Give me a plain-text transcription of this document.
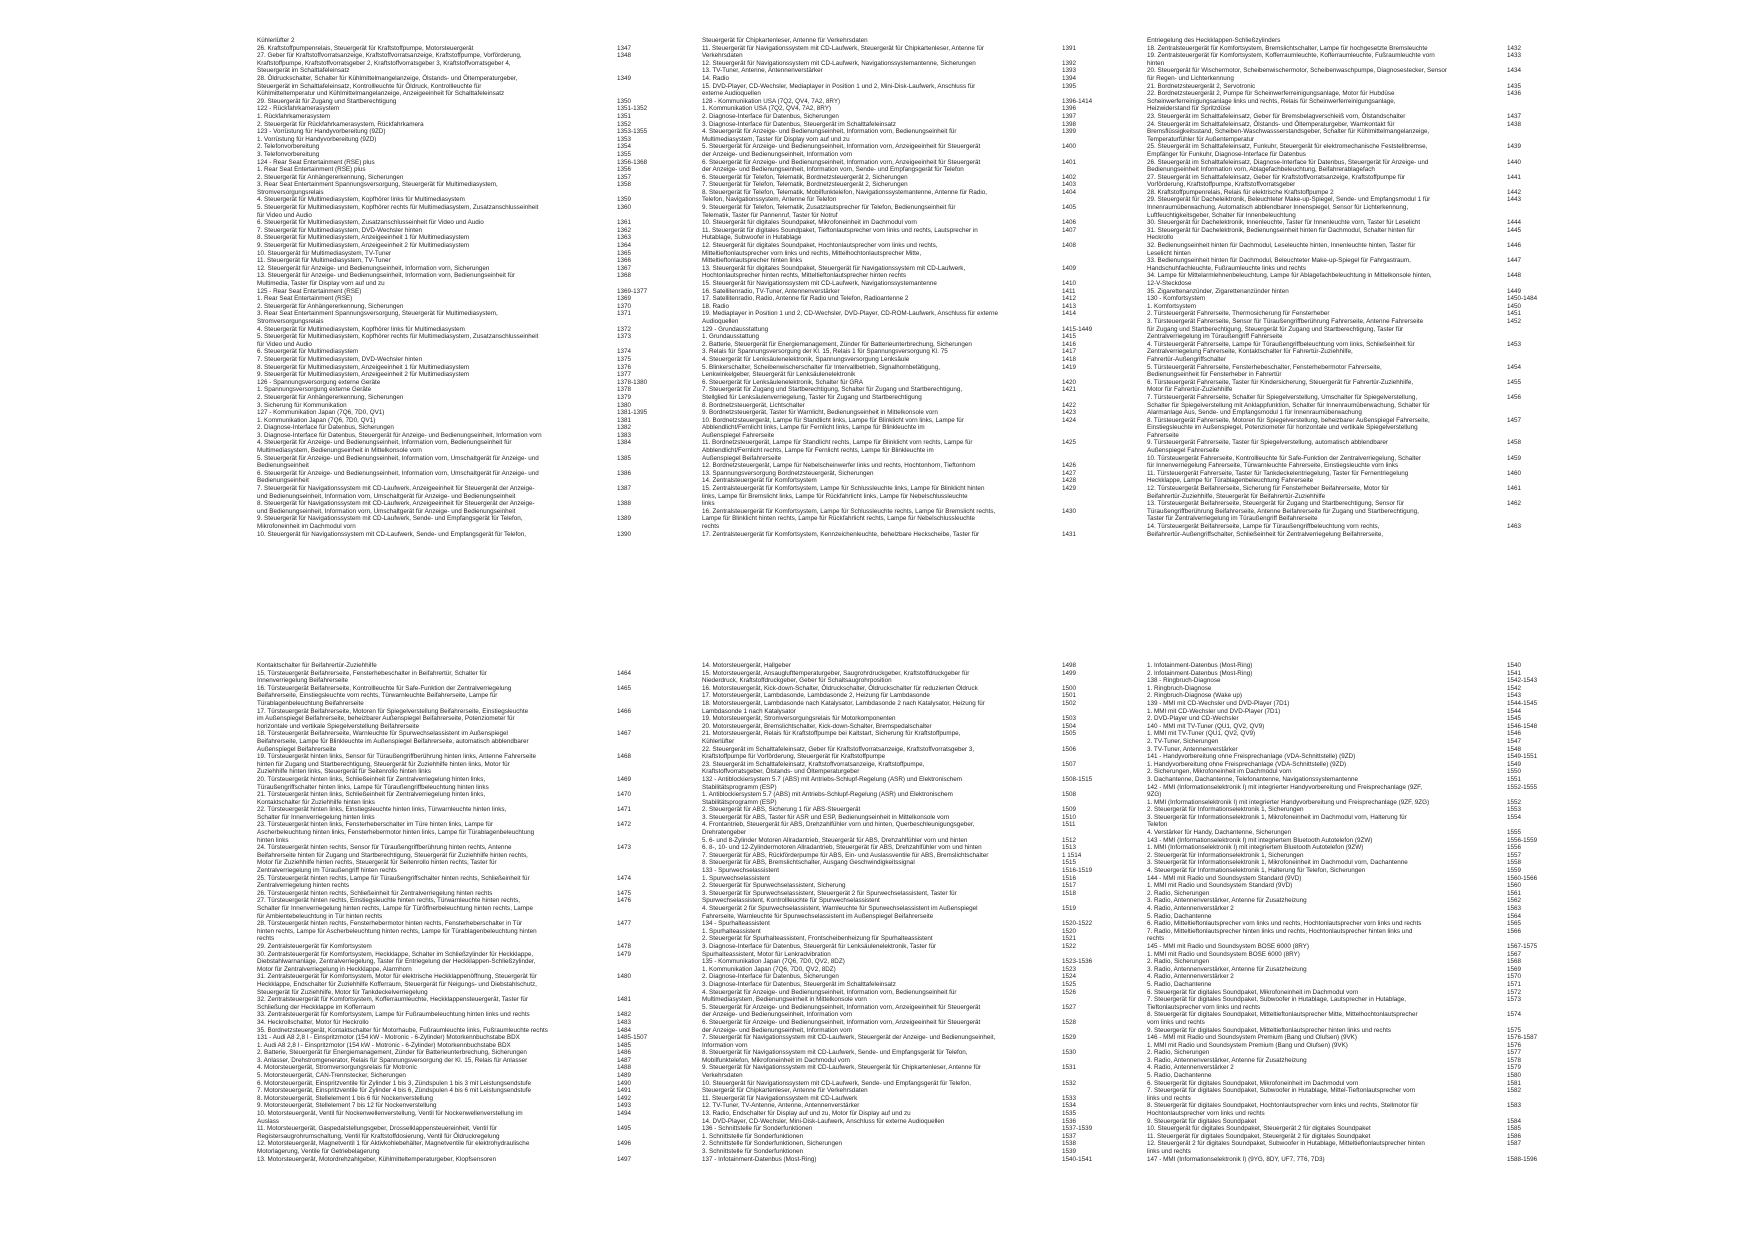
Kühlerlüfter 2
26. Kraftstoffpumpenrelais, Steuergerät für Kraftstoffpumpe, Motorsteuergerät	1347
27. Geber für Kraftstoffvorratsanzeige, Kraftstoffvorratsanzeige, Kraftstoffpumpe, Vorförderung,	1348
Kraftstoffpumpe, Kraftstoffvorratsgeber 2, Kraftstoffvorratsgeber 3, Kraftstoffvorratsgeber 4,
Steuergerät im Schalttafeleinsatz
28. Öldruckschalter, Schalter für Kühlmittelmangelanzeige, Ölstands- und Öltemperaturgeber,	1349
Steuergerät im Schalttafeleinsatz, Kontrollleuchte für Öldruck, Kontrollleuchte für
Kühlmitteltemperatur und Kühlmittelmangelanzeige, Anzeigeeinheit für Schalttafeleinsatz
29. Steuergerät für Zugang und Startberechtigung	1350
122 - Rückfahrkamerasystem	1351-1352
1. Rückfahrkamerasystem	1351
2. Steuergerät für Rückfahrkamerasystem, Rückfahrkamera	1352
123 - Vorrüstung für Handyvorbereitung (9ZD)	1353-1355
1. Vorrüstung für Handyvorbereitung (9ZD)	1353
2. Telefonvorbereitung	1354
3. Telefonvorbereitung	1355
124 - Rear Seat Entertainment (RSE) plus	1356-1368
1. Rear Seat Entertainment (RSE) plus	1356
2. Steuergerät für Anhängererkennung, Sicherungen	1357
3. Rear Seat Entertainment Spannungsversorgung, Steuergerät für Multimediasystem,	1358
Stromversorgungsrelais
4. Steuergerät für Multimediasystem, Kopfhörer links für Multimediasystem	1359
5. Steuergerät für Multimediasystem, Kopfhörer rechts für Multimediasystem, Zusatzanschlusseinheit	1360
für Video und Audio
6. Steuergerät für Multimediasystem, Zusatzanschlusseinheit für Video und Audio	1361
7. Steuergerät für Multimediasystem, DVD-Wechsler hinten	1362
8. Steuergerät für Multimediasystem, Anzeigeeinheit 1 für Multimediasystem	1363
9. Steuergerät für Multimediasystem, Anzeigeeinheit 2 für Multimediasystem	1364
10. Steuergerät für Multimediasystem, TV-Tuner	1365
11. Steuergerät für Multimediasystem, TV-Tuner	1366
12. Steuergerät für Anzeige- und Bedienungseinheit, Information vorn, Sicherungen	1367
13. Steuergerät für Anzeige- und Bedienungseinheit, Information vorn, Bedienungseinheit für	1368
Multimedia, Taster für Display vorn auf und zu
125 - Rear Seat Entertainment (RSE)	1369-1377
1. Rear Seat Entertainment (RSE)	1369
2. Steuergerät für Anhängererkennung, Sicherungen	1370
3. Rear Seat Entertainment Spannungsversorgung, Steuergerät für Multimediasystem,	1371
Stromversorgungsrelais
4. Steuergerät für Multimediasystem, Kopfhörer links für Multimediasystem	1372
5. Steuergerät für Multimediasystem, Kopfhörer rechts für Multimediasystem, Zusatzanschlusseinheit	1373
für Video und Audio
6. Steuergerät für Multimediasystem	1374
7. Steuergerät für Multimediasystem, DVD-Wechsler hinten	1375
8. Steuergerät für Multimediasystem, Anzeigeeinheit 1 für Multimediasystem	1376
9. Steuergerät für Multimediasystem, Anzeigeeinheit 2 für Multimediasystem	1377
126 - Spannungsversorgung externe Geräte	1378-1380
1. Spannungsversorgung externe Geräte	1378
2. Steuergerät für Anhängererkennung, Sicherungen	1379
3. Sicherung für Kommunikation	1380
127 - Kommunikation Japan (7Q6, 7D0, QV1)	1381-1395
1. Kommunikation Japan (7Q6, 7D0, QV1)	1381
2. Diagnose-Interface für Datenbus, Sicherungen	1382
3. Diagnose-Interface für Datenbus, Steuergerät für Anzeige- und Bedienungseinheit, Information vorn	1383
4. Steuergerät für Anzeige- und Bedienungseinheit, Information vorn, Bedienungseinheit für	1384
Multimediasystem, Bedienungseinheit in Mittelkonsole vorn
5. Steuergerät für Anzeige- und Bedienungseinheit, Information vorn, Umschaltgerät für Anzeige- und	1385
Bedienungseinheit
6. Steuergerät für Anzeige- und Bedienungseinheit, Information vorn, Umschaltgerät für Anzeige- und	1386
Bedienungseinheit
7. Steuergerät für Navigationssystem mit CD-Laufwerk, Anzeigeeinheit für Steuergerät der Anzeige-	1387
und Bedienungseinheit, Information vorn, Umschaltgerät für Anzeige- und Bedienungseinheit
8. Steuergerät für Navigationssystem mit CD-Laufwerk, Anzeigeeinheit für Steuergerät der Anzeige-	1388
und Bedienungseinheit, Information vorn, Umschaltgerät für Anzeige- und Bedienungseinheit
9. Steuergerät für Navigationssystem mit CD-Laufwerk, Sende- und Empfangsgerät für Telefon,	1389
Mikrofoneinheit im Dachmodul vorn
10. Steuergerät für Navigationssystem mit CD-Laufwerk, Sende- und Empfangsgerät für Telefon,	1390
Steuergerät für Chipkartenleser, Antenne für Verkehrsdaten
11. Steuergerät für Navigationssystem mit CD-Laufwerk, Steuergerät für Chipkartenleser, Antenne für	1391
Verkehrsdaten
12. Steuergerät für Navigationssystem mit CD-Laufwerk, Navigationssystemantenne, Sicherungen	1392
13. TV-Tuner, Antenne, Antennenverstärker	1393
14. Radio	1394
15. DVD-Player, CD-Wechsler, Mediaplayer in Position 1 und 2, Mini-Disk-Laufwerk, Anschluss für	1395
externe Audioquellen
128 - Kommunikation USA (7Q2, QV4, 7A2, 8RY)	1396-1414
1. Kommunikation USA (7Q2, QV4, 7A2, 8RY)	1396
2. Diagnose-Interface für Datenbus, Sicherungen	1397
3. Diagnose-Interface für Datenbus, Steuergerät im Schalttafeleinsatz	1398
4. Steuergerät für Anzeige- und Bedienungseinheit, Information vorn, Bedienungseinheit für	1399
Multimediasystem, Taster für Display vorn auf und zu
5. Steuergerät für Anzeige- und Bedienungseinheit, Information vorn, Anzeigeeinheit für Steuergerät	1400
der Anzeige- und Bedienungseinheit, Information vorn
6. Steuergerät für Anzeige- und Bedienungseinheit, Information vorn, Anzeigeeinheit für Steuergerät	1401
der Anzeige- und Bedienungseinheit, Information vorn, Sende- und Empfangsgerät für Telefon
6. Steuergerät für Telefon, Telematik, Bordnetzsteuergerät 2, Sicherungen	1402
7. Steuergerät für Telefon, Telematik, Bordnetzsteuergerät 2, Sicherungen	1403
8. Steuergerät für Telefon, Telematik, Mobilfunktelefon, Navigationssystemantenne, Antenne für Radio,	1404
Telefon, Navigationssystem, Antenne für Telefon
9. Steuergerät für Telefon, Telematik, Zusatzlautsprecher für Telefon, Bedienungseinheit für	1405
Telematik, Taster für Pannenruf, Taster für Notruf
10. Steuergerät für digitales Soundpaket, Mikrofoneinheit im Dachmodul vorn	1406
11. Steuergerät für digitales Soundpaket, Tieftonlautsprecher vorn links und rechts, Lautsprecher in	1407
Hutablage, Subwoofer in Hutablage
12. Steuergerät für digitales Soundpaket, Hochtonlautsprecher vorn links und rechts,	1408
Mitteltieftonlautsprecher vorn links und rechts, Mittelhochtonlautsprecher Mitte,
Mitteltieftonlautsprecher hinten links
13. Steuergerät für digitales Soundpaket, Steuergerät für Navigationssystem mit CD-Laufwerk,	1409
Hochtonlautsprecher hinten rechts, Mitteltieftonlautsprecher hinten rechts
15. Steuergerät für Navigationssystem mit CD-Laufwerk, Navigationssystemantenne	1410
16. Satellitenradio, TV-Tuner, Antennenverstärker	1411
17. Satellitenradio, Radio, Antenne für Radio und Telefon, Radioantenne 2	1412
18. Radio	1413
19. Mediaplayer in Position 1 und 2, CD-Wechsler, DVD-Player, CD-ROM-Laufwerk, Anschluss für externe	1414
Audioquellen
129 - Grundausstattung	1415-1449
1. Grundausstattung	1415
2. Batterie, Steuergerät für Energiemanagement, Zünder für Batterieunterbrechung, Sicherungen	1416
3. Relais für Spannungsversorgung der Kl. 15, Relais 1 für Spannungsversorgung Kl. 75	1417
4. Steuergerät für Lenksäulenelektronik, Spannungsversorgung Lenksäule	1418
5. Blinkerschalter, Scheibenwischerschalter für Intervallbetrieb, Signalhornbetätigung,	1419
Lenkwinkelgeber, Steuergerät für Lenksäulenelektronik
6. Steuergerät für Lenksäulenelektronik, Schalter für GRA	1420
7. Steuergerät für Zugang und Startberechtigung, Schalter für Zugang und Startberechtigung,	1421
Stellglied für Lenksäulenverriegelung, Taster für Zugang und Startberechtigung
8. Bordnetzsteuergerät, Lichtschalter	1422
9. Bordnetzsteuergerät, Taster für Warnlicht, Bedienungseinheit in Mittelkonsole vorn	1423
10. Bordnetzsteuergerät, Lampe für Standlicht links, Lampe für Blinklicht vorn links, Lampe für	1424
Abblendlicht/Fernlicht links, Lampe für Fernlicht links, Lampe für Blinkleuchte im
Außenspiegel Fahrerseite
11. Bordnetzsteuergerät, Lampe für Standlicht rechts, Lampe für Blinklicht vorn rechts, Lampe für	1425
Abblendlicht/Fernlicht rechts, Lampe für Fernlicht rechts, Lampe für Blinkleuchte im
Außenspiegel Beifahrerseite
12. Bordnetzsteuergerät, Lampe für Nebelscheinwerfer links und rechts, Hochtonhorn, Tieftonhorn	1426
13. Spannungsversorgung Bordnetzsteuergerät, Sicherungen	1427
14. Zentralsteuergerät für Komfortsystem	1428
15. Zentralsteuergerät für Komfortsystem, Lampe für Schlussleuchte links, Lampe für Blinklicht hinten	1429
links, Lampe für Bremslicht links, Lampe für Rückfahrlicht links, Lampe für Nebelschlussleuchte
links
16. Zentralsteuergerät für Komfortsystem, Lampe für Schlussleuchte rechts, Lampe für Bremslicht rechts,	1430
Lampe für Blinklicht hinten rechts, Lampe für Rückfahrlicht rechts, Lampe für Nebelschlussleuchte
rechts
17. Zentralsteuergerät für Komfortsystem, Kennzeichenleuchte, behelzbare Heckscheibe, Taster für	1431
Entriegelung des Heckklappen-Schließzylinders
18. Zentralsteuergerät für Komfortsystem, Bremslichtschalter, Lampe für hochgesetzte Bremsleuchte	1432
19. Zentralsteuergerät für Komfortsystem, Kofferraumleuchte, Kofferraumleuchte, Fußraumleuchte vorn	1433
hinten
20. Steuergerät für Wischermotor, Scheibenwischermotor, Scheibenwaschpumpe, Diagnosestecker, Sensor	1434
für Regen- und Lichterkennung
21. Bordnetzsteuergerät 2, Servotronic	1435
22. Bordnetzsteuergerät 2, Pumpe für Scheinwerferreinigungsanlage, Motor für Hubdüse	1436
Scheinwerferreinigungsanlage links und rechts, Relais für Scheinwerferreinigungsanlage,
Heizwiderstand für Spritzdüse
23. Steuergerät im Schalttafeleinsatz, Geber für Bremsbelagverschleiß vorn, Ölstandschalter	1437
24. Steuergerät im Schalttafeleinsatz, Ölstands- und Öltemperaturgeber, Warnkontakt für	1438
Bremsflüssigkeitsstand, Scheiben-Waschwassserstandsgeber, Schalter für Kühlmittelmangelanzeige,
Temperaturfühler für Außentemperatur
25. Steuergerät im Schalttafeleinsatz, Funkuhr, Steuergerät für elektromechanische Feststellbremse,	1439
Empfänger für Funkuhr, Diagnose-Interface für Datenbus
26. Steuergerät im Schalttafeleinsatz, Diagnose-Interface für Datenbus, Steuergerät für Anzeige- und	1440
Bedienungseinheit Information vorn, Ablagefachbeleuchtung, Beifahrerablagefach
27. Steuergerät im Schalttafeleinsatz, Geber für Kraftstoffvorratsanzeige, Kraftstoffpumpe für	1441
Vorförderung, Kraftstoffpumpe, Kraftstoffvorratsgeber
28. Kraftstoffpumpenrelais, Relais für elektrische Kraftstoffpumpe 2	1442
29. Steuergerät für Dacheleiktronik, Beleuchteter Make-up-Spiegel, Sende- und Empfangsmodul 1 für	1443
Innenraumüberwachung, Automatisch abblendbarer Innenspiegel, Sensor für Lichterkennung,
Luftfeuchtigkeitsgeber, Schalter für Innenbeleuchtung
30. Steuergerät für Dachelektronik, Innenleuchte, Taster für Innenleuchte vorn, Taster für Leselicht	1444
31. Steuergerät für Dachelektronik, Bedienungseinheit hinten für Dachmodul, Schalter hinten für	1445
Heckrollo
32. Bedienungseinheit hinten für Dachmodul, Leseleuchte hinten, Innenleuchte hinten, Taster für	1446
Leselicht hinten
33. Bedienungseinheit hinten für Dachmodul, Beleuchteter Make-up-Spiegel für Fahrgastraum,	1447
Handschuhfachleuchte, Fußraumleuchte links und rechts
34. Lampe für Mittelarmlehnenbeleuchtung, Lampe für Ablagefachbeleuchtung in Mittelkonsole hinten,	1448
12-V-Steckdose
35. Zigarettenanzünder, Zigarettenanzünder hinten	1449
130 - Komfortsystem	1450-1484
1. Komfortsystem	1450
2. Türsteuergerät Fahrerseite, Thermosicherung für Fensterheber	1451
3. Türsteuergerät Fahrerseite, Sensor für Türaußengriffberührung Fahrerseite, Antenne Fahrerseite	1452
für Zugang und Startberechtigung, Steuergerät für Zugang und Startberechtigung, Taster für
Zentralverriegelung im Türaußengriff Fahrerseite
4. Türsteuergerät Fahrerseite, Lampe für Türaußengriffbeleuchtung vorn links, Schließeinheit für	1453
Zentralverriegelung Fahrerseite, Kontaktschalter für Fahrertür-Zuziehhilfe,
Fahrertür-Außengriffschalter
5. Türsteuergerät Fahrerseite, Fensterhebeschalter, Fensterhebermotor Fahrerseite,	1454
Bedienungseinheit für Fensterheber in Fahrertür
6. Türsteuergerät Fahrerseite, Taster für Kindersicherung, Steuergerät für Fahrertür-Zuziehhilfe,	1455
Motor für Fahrertür-Zuziehhilfe
7. Türsteuergerät Fahrerseite, Schalter für Spiegelverstellung, Umschalter für Spiegelverstellung,	1456
Schalter für Spiegelverstellung mit Anklappfunktion, Schalter für Innenraumüberwachung, Schalter für
Alarmanlage Aus, Sende- und Empfangsmodul 1 für Innenraumüberwachung
8. Türsteuergerät Fahrerseite, Motoren für Spiegelverstellung, beheizbarer Außenspiegel Fahrerseite,	1457
Einstiegsleuchte im Außenspiegel, Potenziometer für horizontale und vertikale Spiegelverstellung
Fahrerseite
9. Türsteuergerät Fahrerseite, Taster für Spiegelverstellung, automatisch abblendbarer	1458
Außenspiegel Fahrerseite
10. Türsteuergerät Fahrerseite, Kontrollleuchte für Safe-Funktion der Zentralverriegelung, Schalter	1459
für Innenverriegelung Fahrerseite, Türwarnleuchte Fahrerseite, Einstiegsleuchte vorn links
11. Türsteuergerät Fahrerseite, Taster für Tankdeckelentriegelung, Taster für Fernentriegelung	1460
Heckklappe, Lampe für Türablagenbeleuchtung Fahrerseite
12. Türsteuergerät Beifahrerseite, Sicherung für Fensterheber Beifahrerseite, Motor für	1461
Beifahrertür-Zuziehhilfe, Steuergerät für Beifahrertür-Zuziehhilfe
13. Türsteuergerät Beifahrerseite, Steuergerät für Zugang und Startberechtigung, Sensor für	1462
Türaußengriffberührung Beifahrerseite, Antenne Beifahrerseite für Zugang und Startberechtigung,
Taster für Zentralverriegelung im Türaußengriff Beifahrerseite
14. Türsteuergerät Beifahrerseite, Lampe für Türaußengriffbeleuchtung vorn rechts,	1463
Beifahrertür-Außengriffschalter, Schließeinheit für Zentralverriegelung Beifahrerseite,
Kontaktschalter für Beifahrertür-Zuziehhilfe
15. Türsteuergerät Beifahrerseite, Fensterhebeschalter in Beifahrertür, Schalter für	1464
Innenverriegelung Beifahrerseite
16. Türsteuergerät Beifahrerseite, Kontrollleuchte für Safe-Funktion der Zentralverriegelung	1465
Beifahrerseite, Einstiegsleuchte vorn rechts, Türwarnleuchte Beifahrerseite, Lampe für
Türablagenbeleuchtung Beifahrerseite
17. Türsteuergerät Beifahrerseite, Motoren für Spiegelverstellung Beifahrerseite, Einstiegsleuchte	1466
im Außenspiegel Beifahrerseite, beheizbarer Außenspiegel Beifahrerseite, Potenziometer für
horizontale und vertikale Spiegelverstellung Beifahrerseite
18. Türsteuergerät Beifahrerseite, Warnleuchte für Spurwechselassistent im Außenspiegel	1467
Beifahrerseite, Lampe für Blinkleuchte im Außenspiegel Beifahrerseite, automatisch abblendbarer
Außenspiegel Beifahrerseite
19. Türsteuergerät hinten links, Sensor für Türaußengriffberührung hinten links, Antenne Fahrerseite	1468
hinten für Zugang und Startberechtigung, Steuergerät für Zuziehhilfe hinten links, Motor für
Zuziehhilfe hinten links, Steuergerät für Seitenrollo hinten links
20. Türsteuergerät hinten links, Schließeinheit für Zentralverriegelung hinten links,	1469
Türaußengriffschalter hinten links, Lampe für Türaußengriffbeleuchtung hinten links
21. Türsteuergerät hinten links, Schließeinheit für Zentralverriegelung hinten links,	1470
Kontaktschalter für Zuziehhilfe hinten links
22. Türsteuergerät hinten links, Einstiegsleuchte hinten links, Türwarnleuchte hinten links,	1471
Schalter für Innenverriegelung hinten links
23. Türsteuergerät hinten links, Fensterheberschalter im Türe hinten links, Lampe für	1472
Ascherbeleuchtung hinten links, Fensterhebermotor hinten links, Lampe für Türablagenbeleuchtung
hinten links
24. Türsteuergerät hinten rechts, Sensor für Türaußengriffberührung hinten rechts, Antenne	1473
Beifahrerseite hinten für Zugang und Startberechtigung, Steuergerät für Zuziehhilfe hinten rechts,
Motor für Zuziehhilfe hinten rechts, Steuergerät für Seitenrollo hinten rechts, Taster für
Zentralverriegelung im Türaußengriff hinten rechts
25. Türsteuergerät hinten rechts, Lampe für Türaußengriffschalter hinten rechts, Schließeinheit für	1474
Zentralverriegelung hinten rechts
26. Türsteuergerät hinten rechts, Schließeinheit für Zentralverriegelung hinten rechts	1475
27. Türsteuergerät hinten rechts, Einstiegsleuchte hinten rechts, Türwarnleuchte hinten rechts,	1476
Schalter für Innenverriegelung hinten rechts, Lampe für Türöffnerbeleuchtung hinten rechts, Lampe
für Ambientebeleuchtung in Tür hinten rechts
28. Türsteuergerät hinten rechts, Fensterhebermotor hinten rechts, Fensterheberschalter in Tür	1477
hinten rechts, Lampe für Ascherbeleuchtung hinten rechts, Lampe für Türablagenbeleuchtung hinten
rechts
29. Zentralsteuergerät für Komfortsystem	1478
30. Zentralsteuergerät für Komfortsystem, Heckklappe, Schalter im Schließzylinder für Heckklappe,	1479
Diebstahlwarnanlage, Zentralverriegelung, Taster für Entriegelung der Heckklappen-Schließzylinder,
Motor für Zentralverriegelung in Heckklappe, Alarmhorn
31. Zentralsteuergerät für Komfortsystem, Motor für elektrische Heckklappenöffnung, Steuergerät für	1480
Heckklappe, Endschalter für Zuziehhilfe Kofferraum, Steuergerät für Neigungs- und Diebstahlschutz,
Steuergerät für Zuziehhilfe, Motor für Tankdeckelverriegelung
32. Zentralsteuergerät für Komfortsystem, Kofferraumleuchte, Heckklappensteuergerät, Taster für	1481
Schließung der Heckklappe im Kofferraum
33. Zentralsteuergerät für Komfortsystem, Lampe für Fußraumbeleuchtung hinten links und rechts	1482
34. Heckrollschalter, Motor für Heckrollo	1483
35. Bordnetzsteuergerät, Kontaktschalter für Motorhaube, Fußraumleuchte links, Fußraumleuchte rechts	1484
131 - Audi A8 2,8 l - Einspritzmotor (154 kW - Motronic - 6-Zylinder) Motorkennbuchstabe BDX	1485-1507
1. Audi A8 2,8 l - Einspritzmotor (154 kW - Motronic - 6-Zylinder) Motorkennbuchstabe BDX	1485
2. Batterie, Steuergerät für Energiemanagement, Zünder für Batterieunterbrechung, Sicherungen	1486
3. Anlasser, Drehstromgenerator, Relais für Spannungsversorgung der Kl. 15, Relais für Anlasser	1487
4. Motorsteuergerät, Stromversorgungsrelais für Motronic	1488
5. Motorsteuergerät, CAN-Trennstecker, Sicherungen	1489
6. Motorsteuergerät, Einspritzventile für Zylinder 1 bis 3, Zündspulen 1 bis 3 mit Leistungsendstufe	1490
7. Motorsteuergerät, Einspritzventile für Zylinder 4 bis 6, Zündspulen 4 bis 6 mit Leistungsendstufe	1491
8. Motorsteuergerät, Stellelement 1 bis 6 für Nockenverstellung	1492
9. Motorsteuergerät, Stellelement 7 bis 12 für Nockenverstellung	1493
10. Motorsteuergerät, Ventil für Nockenwellenverstellung, Ventil für Nockenwellenverstellung im	1494
Auslass
11. Motorsteuergerät, Gaspedalstellungsgeber, Drosselklappensteuereinheit, Ventil für	1495
Registersaugrohrumschaltung, Ventil für Kraftstoffdosierung, Ventil für Öldruckregelung
12. Motorsteuergerät, Magnetventil 1 für Aktivkohlebehälter, Magnetventile für elektrohydraulische	1496
Motorlagerung, Ventile für Getriebelagerung
13. Motorsteuergerät, Motordrehzahlgeber, Kühlmitteltemperaturgeber, Klopfsensoren	1497
14. Motorsteuergerät, Hallgeber	1498
15. Motorsteuergerät, Ansauglufttemperaturgeber, Saugrohrdruckgeber, Kraftstoffdruckgeber für	1499
Niederdruck, Kraftstoffdruckgeber, Geber für Schaltsaugrohrposition
16. Motorsteuergerät, Kick-down-Schalter, Öldruckschalter, Öldruckschalter für reduzierten Öldruck	1500
17. Motorsteuergerät, Lambdasonde, Lambdasonde 2, Heizung für Lambdasonde	1501
18. Motorsteuergerät, Lambdasonde nach Katalysator, Lambdasonde 2 nach Katalysator, Heizung für	1502
Lambdasonde 1 nach Katalysator
19. Motorsteuergerät, Stromversorgungsrelais für Motorkomponenten	1503
20. Motorsteuergerät, Bremslichtschalter, Kick-down-Schalter, Bremspedalschalter	1504
21. Motorsteuergerät, Relais für Kraftstoffpumpe bei Kaltstart, Sicherung für Kraftstoffpumpe,	1505
Kühlerlüfter
22. Steuergerät im Schalttafeleinsatz, Geber für Kraftstoffvorratsanzeige, Kraftstoffvorratsgeber 3,	1506
Kraftstoffpumpe für Vorförderung, Steuergerät für Kraftstoffpumpe
23. Steuergerät im Schalttafeleinsatz, Kraftstoffvorratsanzeige, Kraftstoffpumpe,	1507
Kraftstoffvorratsgeber, Ölstands- und Öltemperaturgeber
132 - Antiblockiersystem 5.7 (ABS) mit Antriebs-Schlupf-Regelung (ASR) und Elektronischem	1508-1515
Stabilitätsprogramm (ESP)
1. Antiblockiersystem 5.7 (ABS) mit Antriebs-Schlupf-Regelung (ASR) und Elektronischem	1508
Stabilitätsprogramm (ESP)
2. Steuergerät für ABS, Sicherung 1 für ABS-Steuergerät	1509
3. Steuergerät für ABS, Taster für ASR und ESP, Bedienungseinheit in Mittelkonsole vorn	1510
4. Frontantrieb, Steuergerät für ABS, Drehzahlfühler vorn und hinten, Querbeschleunigungsgeber,	1511
Drehratengeber
5. 6- und 8-Zylinder Motoren Allradantrieb, Steuergerät für ABS, Drehzahlfühler vorn und hinten	1512
6. 8-, 10- und 12-Zylindermotoren Allradantrieb, Steuergerät für ABS, Drehzahlfühler vorn und hinten	1513
7. Steuergerät für ABS, Rückförderpumpe für ABS, Ein- und Auslassventile für ABS, Bremslichtschalter	1 1514
8. Steuergerät für ABS, Bremslichtschalter, Ausgang Geschwindigkeitssignal	1515
133 - Spurwechselassistent	1516-1519
1. Spurwechselassistent	1516
2. Steuergerät für Spurwechselassistent, Sicherung	1517
3. Steuergerät für Spurwechselassistent, Steuergerät 2 für Spurwechselassistent, Taster für	1518
Spurwechselassistent, Kontrollleuchte für Spurwechselassistent
4. Steuergerät 2 für Spurwechselassistent, Warnleuchte für Spurwechselassistent im Außenspiegel	1519
Fahrerseite, Warnleuchte für Spurwechselassistent im Außenspiegel Beifahrerseite
134 - Spurhalteassistent	1520-1522
1. Spurhalteassistent	1520
2. Steuergerät für Spurhalteassistent, Frontscheibenheizung für Spurhalteassistent	1521
3. Diagnose-Interface für Datenbus, Steuergerät für Lenksäulenelektronik, Taster für	1522
Spurhalteassistent, Motor für Lenkradvibration
135 - Kommunikation Japan (7Q6, 7D0, QV2, 8DZ)	1523-1536
1. Kommunikation Japan (7Q6, 7D0, QV2, 8DZ)	1523
2. Diagnose-Interface für Datenbus, Sicherungen	1524
3. Diagnose-Interface für Datenbus, Steuergerät im Schalttafeleinsatz	1525
4. Steuergerät für Anzeige- und Bedienungseinheit, Information vorn, Bedienungseinheit für	1526
Multimediasystem, Bedienungseinheit in Mittelkonsole vorn
5. Steuergerät für Anzeige- und Bedienungseinheit, Information vorn, Anzeigeeinheit für Steuergerät	1527
der Anzeige- und Bedienungseinheit, Information vorn
6. Steuergerät für Anzeige- und Bedienungseinheit, Information vorn, Anzeigeeinheit für Steuergerät	1528
der Anzeige- und Bedienungseinheit, Information vorn
7. Steuergerät für Navigationssystem mit CD-Laufwerk, Steuergerät der Anzeige- und Bedienungseinheit,	1529
Information vorn
8. Steuergerät für Navigationssystem mit CD-Laufwerk, Sende- und Empfangsgerät für Telefon,	1530
Mobilfunktelefon, Mikrofoneinheit im Dachmodul vorn
9. Steuergerät für Navigationssystem mit CD-Laufwerk, Steuergerät für Chipkartenleser, Antenne für	1531
Verkehrsdaten
10. Steuergerät für Navigationssystem mit CD-Laufwerk, Sende- und Empfangsgerät für Telefon,	1532
Steuergerät für Chipkartenleser, Antenne für Verkehrsdaten
11. Steuergerät für Navigationssystem mit CD-Laufwerk	1533
12. TV-Tuner, TV-Antenne, Antenne, Antennenverstärker	1534
13. Radio, Endschalter für Display auf und zu, Motor für Display auf und zu	1535
14. DVD-Player, CD-Wechsler, Mini-Disk-Laufwerk, Anschluss für externe Audioquellen	1536
136 - Schnittstelle für Sonderfunktionen	1537-1539
1. Schnittstelle für Sonderfunktionen	1537
2. Schnittstelle für Sonderfunktionen, Sicherungen	1538
3. Schnittstelle für Sonderfunktionen	1539
137 - Infotainment-Datenbus (Most-Ring)	1540-1541
1. Infotainment-Datenbus (Most-Ring)	1540
2. Infotainment-Datenbus (Most-Ring)	1541
138 - Ringbruch-Diagnose	1542-1543
1. Ringbruch-Diagnose	1542
2. Ringbruch-Diagnose (Wake up)	1543
139 - MMI mit CD-Wechsler und DVD-Player (7D1)	1544-1545
1. MMI mit CD-Wechsler und DVD-Player (7D1)	1544
2. DVD-Player und CD-Wechsler	1545
140 - MMI mit TV-Tuner (QU1, QV2, QV9)	1546-1548
1. MMI mit TV-Tuner (QU1, QV2, QV9)	1546
2. TV-Tuner, Sicherungen	1547
3. TV-Tuner, Antennenverstärker	1548
141 - Handyvorbereitung ohne Freisprechanlage (VDA-Schnittstelle) (9ZD)	1549-1551
1. Handyvorbereitung ohne Freisprechanlage (VDA-Schnittstelle) (9ZD)	1549
2. Sicherungen, Mikrofoneinheit im Dachmodul vorn	1550
3. Dachantenne, Dachantenne, Telefonantenne, Navigationssystemantenne	1551
142 - MMI (Informationselektronik I) mit integrierter Handyvorbereitung und Freisprechanlage (9ZF,	1552-1555
9ZG)
1. MMI (Informationselektronik I) mit integrierter Handyvorbereitung und Freisprechanlage (9ZF, 9ZG)	1552
2. Steuergerät für Informationselektronik 1, Sicherungen	1553
3. Steuergerät für Informationselektronik 1, Mikrofoneinheit im Dachmodul vorn, Halterung für	1554
Telefon
4. Verstärker für Handy, Dachantenne, Sicherungen	1555
143 - MMI (Informationselektronik I) mit integriertem Bluetooth Autotelefon (9ZW)	1556-1559
1. MMI (Informationselektronik I) mit integriertem Bluetooth Autotelefon (9ZW)	1556
2. Steuergerät für Informationselektronik 1, Sicherungen	1557
3. Steuergerät für Informationselektronik 1, Mikrofoneinheit im Dachmodul vorn, Dachantenne	1558
4. Steuergerät für Informationselektronik 1, Halterung für Telefon, Sicherungen	1559
144 - MMI mit Radio und Soundsystem Standard (9VD)	1560-1566
1. MMI mit Radio und Soundsystem Standard (9VD)	1560
2. Radio, Sicherungen	1561
3. Radio, Antennenverstärker, Antenne für Zusatzheizung	1562
4. Radio, Antennenverstärker 2	1563
5. Radio, Dachantenne	1564
6. Radio, Mitteltieftonlautsprecher vorn links und rechts, Hochtonlautsprecher vorn links und rechts	1565
7. Radio, Mitteltieftonlautsprecher hinten links und rechts, Hochtonlautsprecher hinten links und	1566
rechts
145 - MMI mit Radio und Soundsystem BOSE 6000 (8RY)	1567-1575
1. MMI mit Radio und Soundsystem BOSE 6000 (8RY)	1567
2. Radio, Sicherungen	1568
3. Radio, Antennenverstärker, Antenne für Zusatzheizung	1569
4. Radio, Antennenverstärker 2	1570
5. Radio, Dachantenne	1571
6. Steuergerät für digitales Soundpaket, Mikrofoneinheit im Dachmodul vorn	1572
7. Steuergerät für digitales Soundpaket, Subwoofer in Hutablage, Lautsprecher in Hutablage,	1573
Tieftonlautsprecher vorn links und rechts
8. Steuergerät für digitales Soundpaket, Mitteltieftonlautsprecher Mitte, Mittelhochtonlautsprecher	1574
vorn links und rechts
9. Steuergerät für digitales Soundpaket, Mitteltieftonlautsprecher hinten links und rechts	1575
146 - MMI mit Radio und Soundsystem Premium (Bang und Olufsen) (9VK)	1576-1587
1. MMI mit Radio und Soundsystem Premium (Bang und Olufsen) (9VK)	1576
2. Radio, Sicherungen	1577
3. Radio, Antennenverstärker, Antenne für Zusatzheizung	1578
4. Radio, Antennenverstärker 2	1579
5. Radio, Dachantenne	1580
6. Steuergerät für digitales Soundpaket, Mikrofoneinheit im Dachmodul vorn	1581
7. Steuergerät für digitales Soundpaket, Subwoofer in Hutablage, Mittel-Tieftonlautsprecher vorn	1582
links und rechts
8. Steuergerät für digitales Soundpaket, Hochtonlautsprecher vorn links und rechts, Stellmotor für	1583
Hochtonlautsprecher vorn links und rechts
9. Steuergerät für digitales Soundpaket	1584
10. Steuergerät für digitales Soundpaket, Steuergerät 2 für digitales Soundpaket	1585
11. Steuergerät für digitales Soundpaket, Steuergerät 2 für digitales Soundpaket	1586
12. Steuergerät 2 für digitales Soundpaket, Subwoofer in Hutablage, Mitteltieftonlautsprecher hinten	1587
links und rechts
147 - MMI (Informationselektronik I) (9YG, 8DY, UF7, 7T6, 7D3)	1588-1596
